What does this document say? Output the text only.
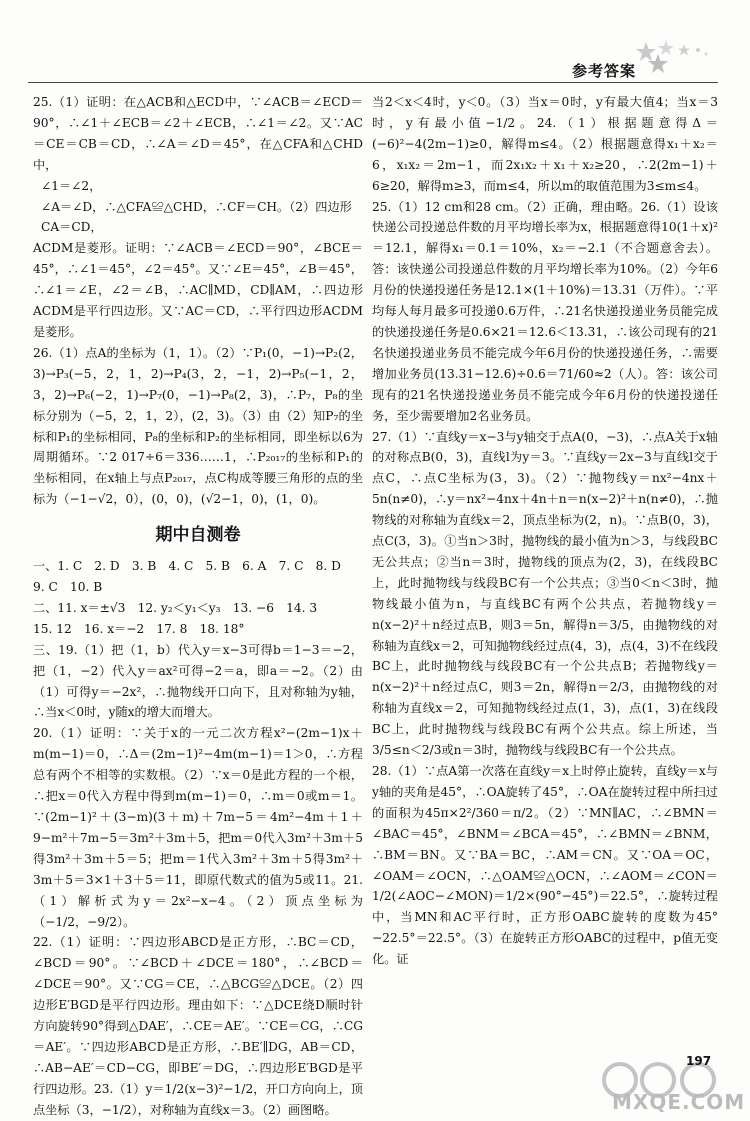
参考答案

25.（1）证明：在△ACB和△ECD中，∵∠ACB＝∠ECD＝90°，∴∠1＋∠ECB＝∠2＋∠ECB，∴∠1＝∠2。又∵AC＝CE＝CB＝CD，∴∠A＝∠D＝45°，在△CFA和△CHD中，

∠1＝∠2，

∠A＝∠D，∴△CFA≌△CHD，∴CF＝CH。（2）四边形

CA＝CD，

ACDM是菱形。证明：∵∠ACB＝∠ECD＝90°，∠BCE＝45°，∴∠1＝45°，∠2＝45°。又∵∠E＝45°，∠B＝45°，∴∠1＝∠E，∠2＝∠B，∴AC∥MD，CD∥AM，∴四边形ACDM是平行四边形。又∵AC＝CD，∴平行四边形ACDM是菱形。

26.（1）点A的坐标为（1，1）。（2）∵P₁(0，−1)→P₂(2，3)→P₃(−5，2，1，2)→P₄(3，2，−1，2)→P₅(−1，2，3，2)→P₆(−2，1)→P₇(0，−1)→P₈(2，3)，∴P₇，P₈的坐标分别为（−5，2，1，2），(2，3)。（3）由（2）知P₇的坐标和P₁的坐标相同，P₈的坐标和P₂的坐标相同，即坐标以6为周期循环。∵2 017÷6＝336……1，∴P₂₀₁₇的坐标和P₁的坐标相同，在x轴上与点P₂₀₁₇，点C构成等腰三角形的点的坐标为（−1−√2，0），(0，0)，(√2−1，0)，(1，0)。

期中自测卷

一、1. C　2. D　3. B　4. C　5. B　6. A　7. C　8. D

9. C　10. B

二、11. x＝±√3　12. y₂＜y₁＜y₃　13. −6　14. 3

15. 12　16. x＝−2　17. 8　18. 18°

三、19.（1）把（1，b）代入y＝x−3可得b＝1−3＝−2，把（1，−2）代入y＝ax²可得−2＝a，即a＝−2。（2）由（1）可得y＝−2x²，∴抛物线开口向下，且对称轴为y轴，∴当x＜0时，y随x的增大而增大。

20.（1）证明：∵关于x的一元二次方程x²−(2m−1)x＋m(m−1)＝0，∴Δ＝(2m−1)²−4m(m−1)＝1＞0，∴方程总有两个不相等的实数根。（2）∵x＝0是此方程的一个根，∴把x＝0代入方程中得到m(m−1)＝0，∴m＝0或m＝1。∵(2m−1)²＋(3−m)(3＋m)＋7m−5＝4m²−4m＋1＋9−m²＋7m−5＝3m²＋3m＋5，把m＝0代入3m²＋3m＋5得3m²＋3m＋5＝5；把m＝1代入3m²＋3m＋5得3m²＋3m＋5＝3×1＋3＋5＝11，即原代数式的值为5或11。21.（1）解析式为y＝2x²−x−4。（2）顶点坐标为（−1/2，−9/2）。

22.（1）证明：∵四边形ABCD是正方形，∴BC＝CD，∠BCD＝90°。∵∠BCD＋∠DCE＝180°，∴∠BCD＝∠DCE＝90°。又∵CG＝CE，∴△BCG≌△DCE。（2）四边形E′BGD是平行四边形。理由如下：∵△DCE绕D顺时针方向旋转90°得到△DAE′，∴CE＝AE′。∵CE＝CG，∴CG＝AE′。∵四边形ABCD是正方形，∴BE′∥DG，AB＝CD，∴AB−AE′＝CD−CG，即BE′＝DG，∴四边形E′BGD是平行四边形。23.（1）y＝1/2(x−3)²−1/2，开口方向向上，顶点坐标（3，−1/2），对称轴为直线x＝3。（2）画图略。

当2＜x＜4时，y＜0。（3）当x＝0时，y有最大值4；当x＝3时，y有最小值−1/2。24.（1）根据题意得Δ＝(−6)²−4(2m−1)≥0，解得m≤4。（2）根据题意得x₁＋x₂＝6，x₁x₂＝2m−1，而2x₁x₂＋x₁＋x₂≥20，∴2(2m−1)＋6≥20，解得m≥3，而m≤4，所以m的取值范围为3≤m≤4。

25.（1）12 cm和28 cm。（2）正确，理由略。26.（1）设该快递公司投递总件数的月平均增长率为x，根据题意得10(1＋x)²＝12.1，解得x₁＝0.1＝10%，x₂＝−2.1（不合题意舍去）。答：该快递公司投递总件数的月平均增长率为10%。（2）今年6月份的快递投递任务是12.1×(1＋10%)＝13.31（万件）。∵平均每人每月最多可投递0.6万件，∴21名快递投递业务员能完成的快递投递任务是0.6×21＝12.6＜13.31，∴该公司现有的21名快递投递业务员不能完成今年6月份的快递投递任务，∴需要增加业务员(13.31−12.6)÷0.6＝71/60≈2（人）。答：该公司现有的21名快递投递业务员不能完成今年6月份的快递投递任务，至少需要增加2名业务员。

27.（1）∵直线y＝x−3与y轴交于点A(0，−3)，∴点A关于x轴的对称点B(0，3)，直线l为y＝3。∵直线y＝2x−3与直线l交于点C，∴点C坐标为(3，3)。（2）∵抛物线y＝nx²−4nx＋5n(n≠0)，∴y＝nx²−4nx＋4n＋n＝n(x−2)²＋n(n≠0)，∴抛物线的对称轴为直线x＝2，顶点坐标为(2，n)。∵点B(0，3)，点C(3，3)。①当n＞3时，抛物线的最小值为n＞3，与线段BC无公共点；②当n＝3时，抛物线的顶点为(2，3)，在线段BC上，此时抛物线与线段BC有一个公共点；③当0＜n＜3时，抛物线最小值为n，与直线BC有两个公共点，若抛物线y＝n(x−2)²＋n经过点B，则3＝5n，解得n＝3/5，由抛物线的对称轴为直线x＝2，可知抛物线经过点(4，3)，点(4，3)不在线段BC上，此时抛物线与线段BC有一个公共点B；若抛物线y＝n(x−2)²＋n经过点C，则3＝2n，解得n＝2/3，由抛物线的对称轴为直线x＝2，可知抛物线经过点(1，3)，点(1，3)在线段BC上，此时抛物线与线段BC有两个公共点。综上所述，当3/5≤n＜2/3或n＝3时，抛物线与线段BC有一个公共点。

28.（1）∵点A第一次落在直线y＝x上时停止旋转，直线y＝x与y轴的夹角是45°，∴OA旋转了45°，∴OA在旋转过程中所扫过的面积为45π×2²/360＝π/2。（2）∵MN∥AC，∴∠BMN＝∠BAC＝45°，∠BNM＝∠BCA＝45°，∴∠BMN＝∠BNM，∴BM＝BN。又∵BA＝BC，∴AM＝CN。又∵OA＝OC，∠OAM＝∠OCN，∴△OAM≌△OCN，∴∠AOM＝∠CON＝1/2(∠AOC−∠MON)＝1/2×(90°−45°)＝22.5°，∴旋转过程中，当MN和AC平行时，正方形OABC旋转的度数为45°−22.5°＝22.5°。（3）在旋转正方形OABC的过程中，p值无变化。证

197
MXQE.COM
